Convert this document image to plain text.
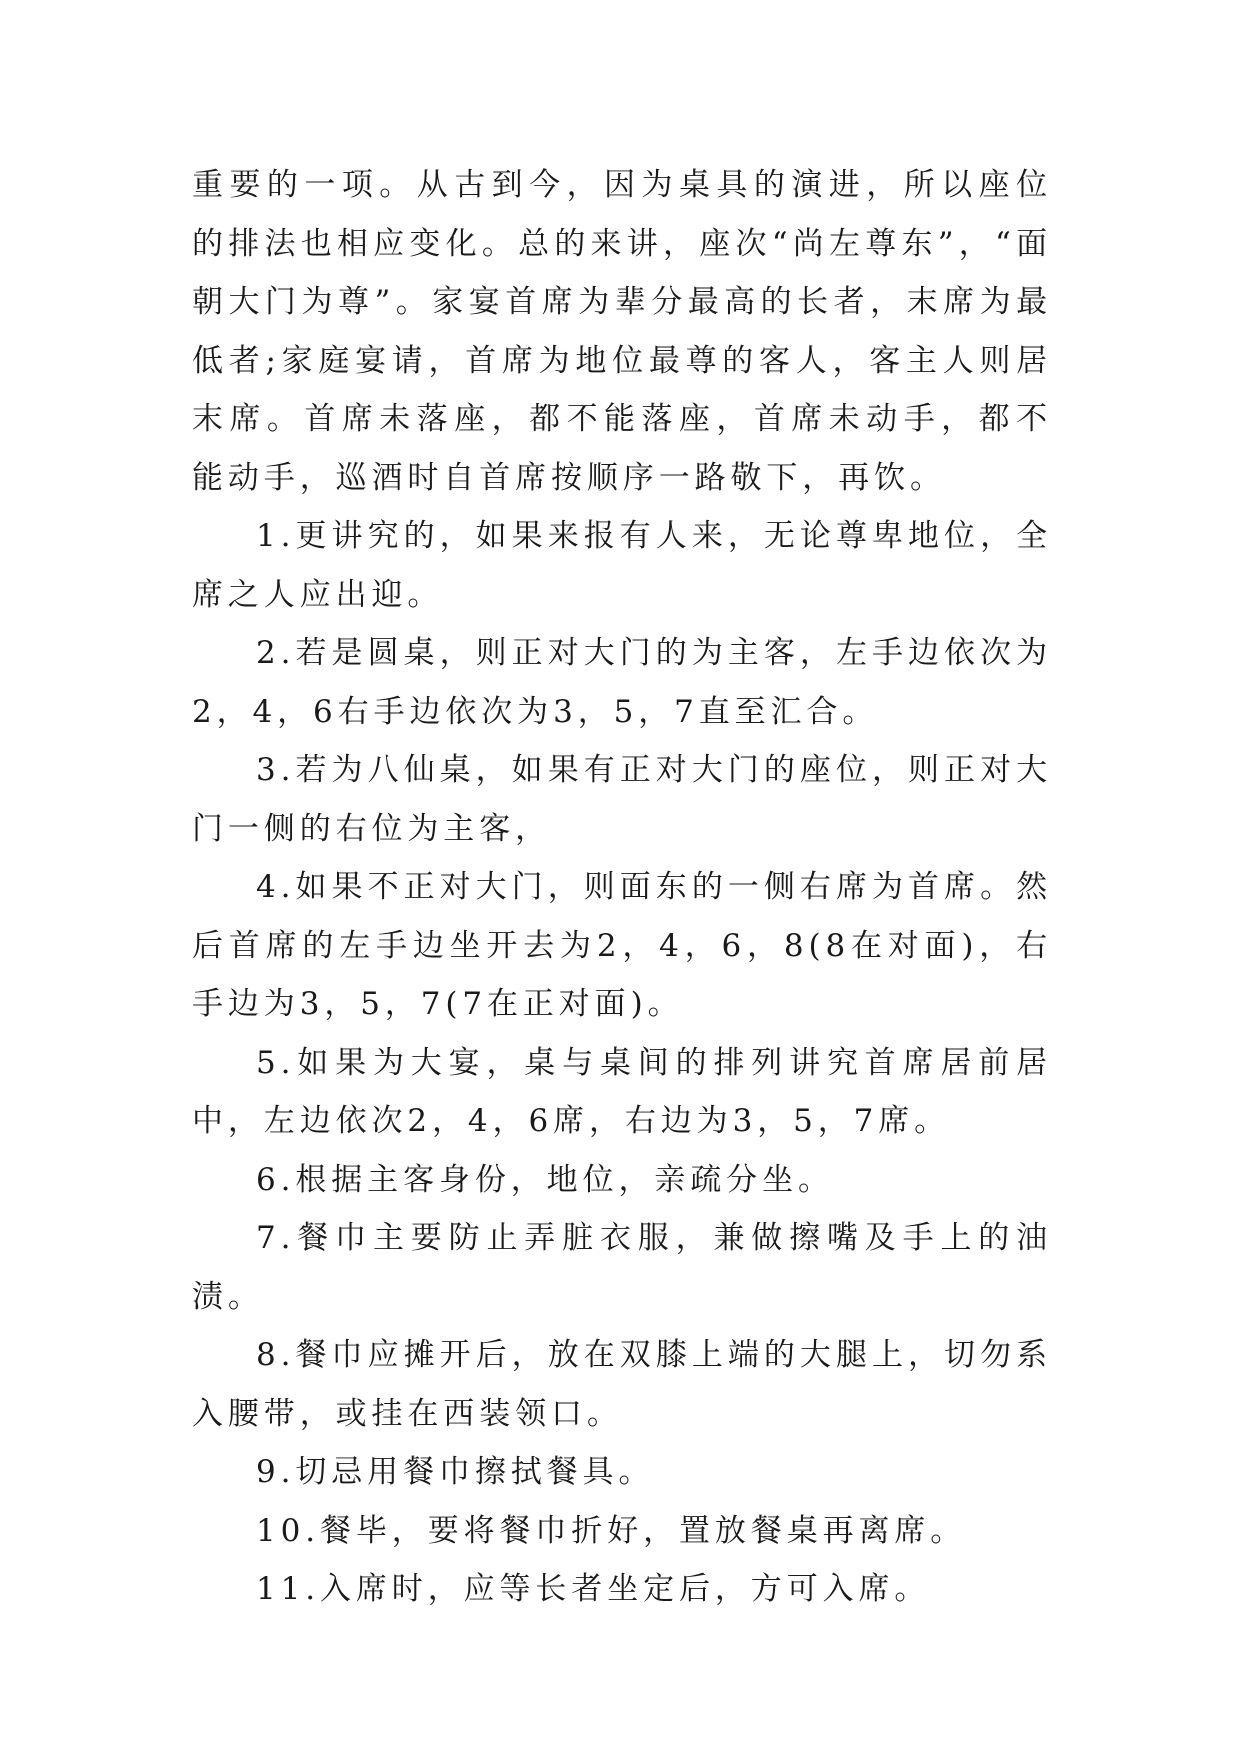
重要的一项。从古到今，因为桌具的演进，所以座位的排法也相应变化。总的来讲，座次“尚左尊东”，“面朝大门为尊”。家宴首席为辈分最高的长者，末席为最低者;家庭宴请，首席为地位最尊的客人，客主人则居末席。首席未落座，都不能落座，首席未动手，都不能动手，巡酒时自首席按顺序一路敬下，再饮。

1.更讲究的，如果来报有人来，无论尊卑地位，全席之人应出迎。

2.若是圆桌，则正对大门的为主客，左手边依次为2，4，6右手边依次为3，5，7直至汇合。

3.若为八仙桌，如果有正对大门的座位，则正对大门一侧的右位为主客，

4.如果不正对大门，则面东的一侧右席为首席。然后首席的左手边坐开去为2，4，6，8(8在对面)，右手边为3，5，7(7在正对面)。

5.如果为大宴，桌与桌间的排列讲究首席居前居中，左边依次2，4，6席，右边为3，5，7席。

6.根据主客身份，地位，亲疏分坐。

7.餐巾主要防止弄脏衣服，兼做擦嘴及手上的油渍。

8.餐巾应摊开后，放在双膝上端的大腿上，切勿系入腰带，或挂在西装领口。

9.切忌用餐巾擦拭餐具。

10.餐毕，要将餐巾折好，置放餐桌再离席。

11.入席时，应等长者坐定后，方可入席。
